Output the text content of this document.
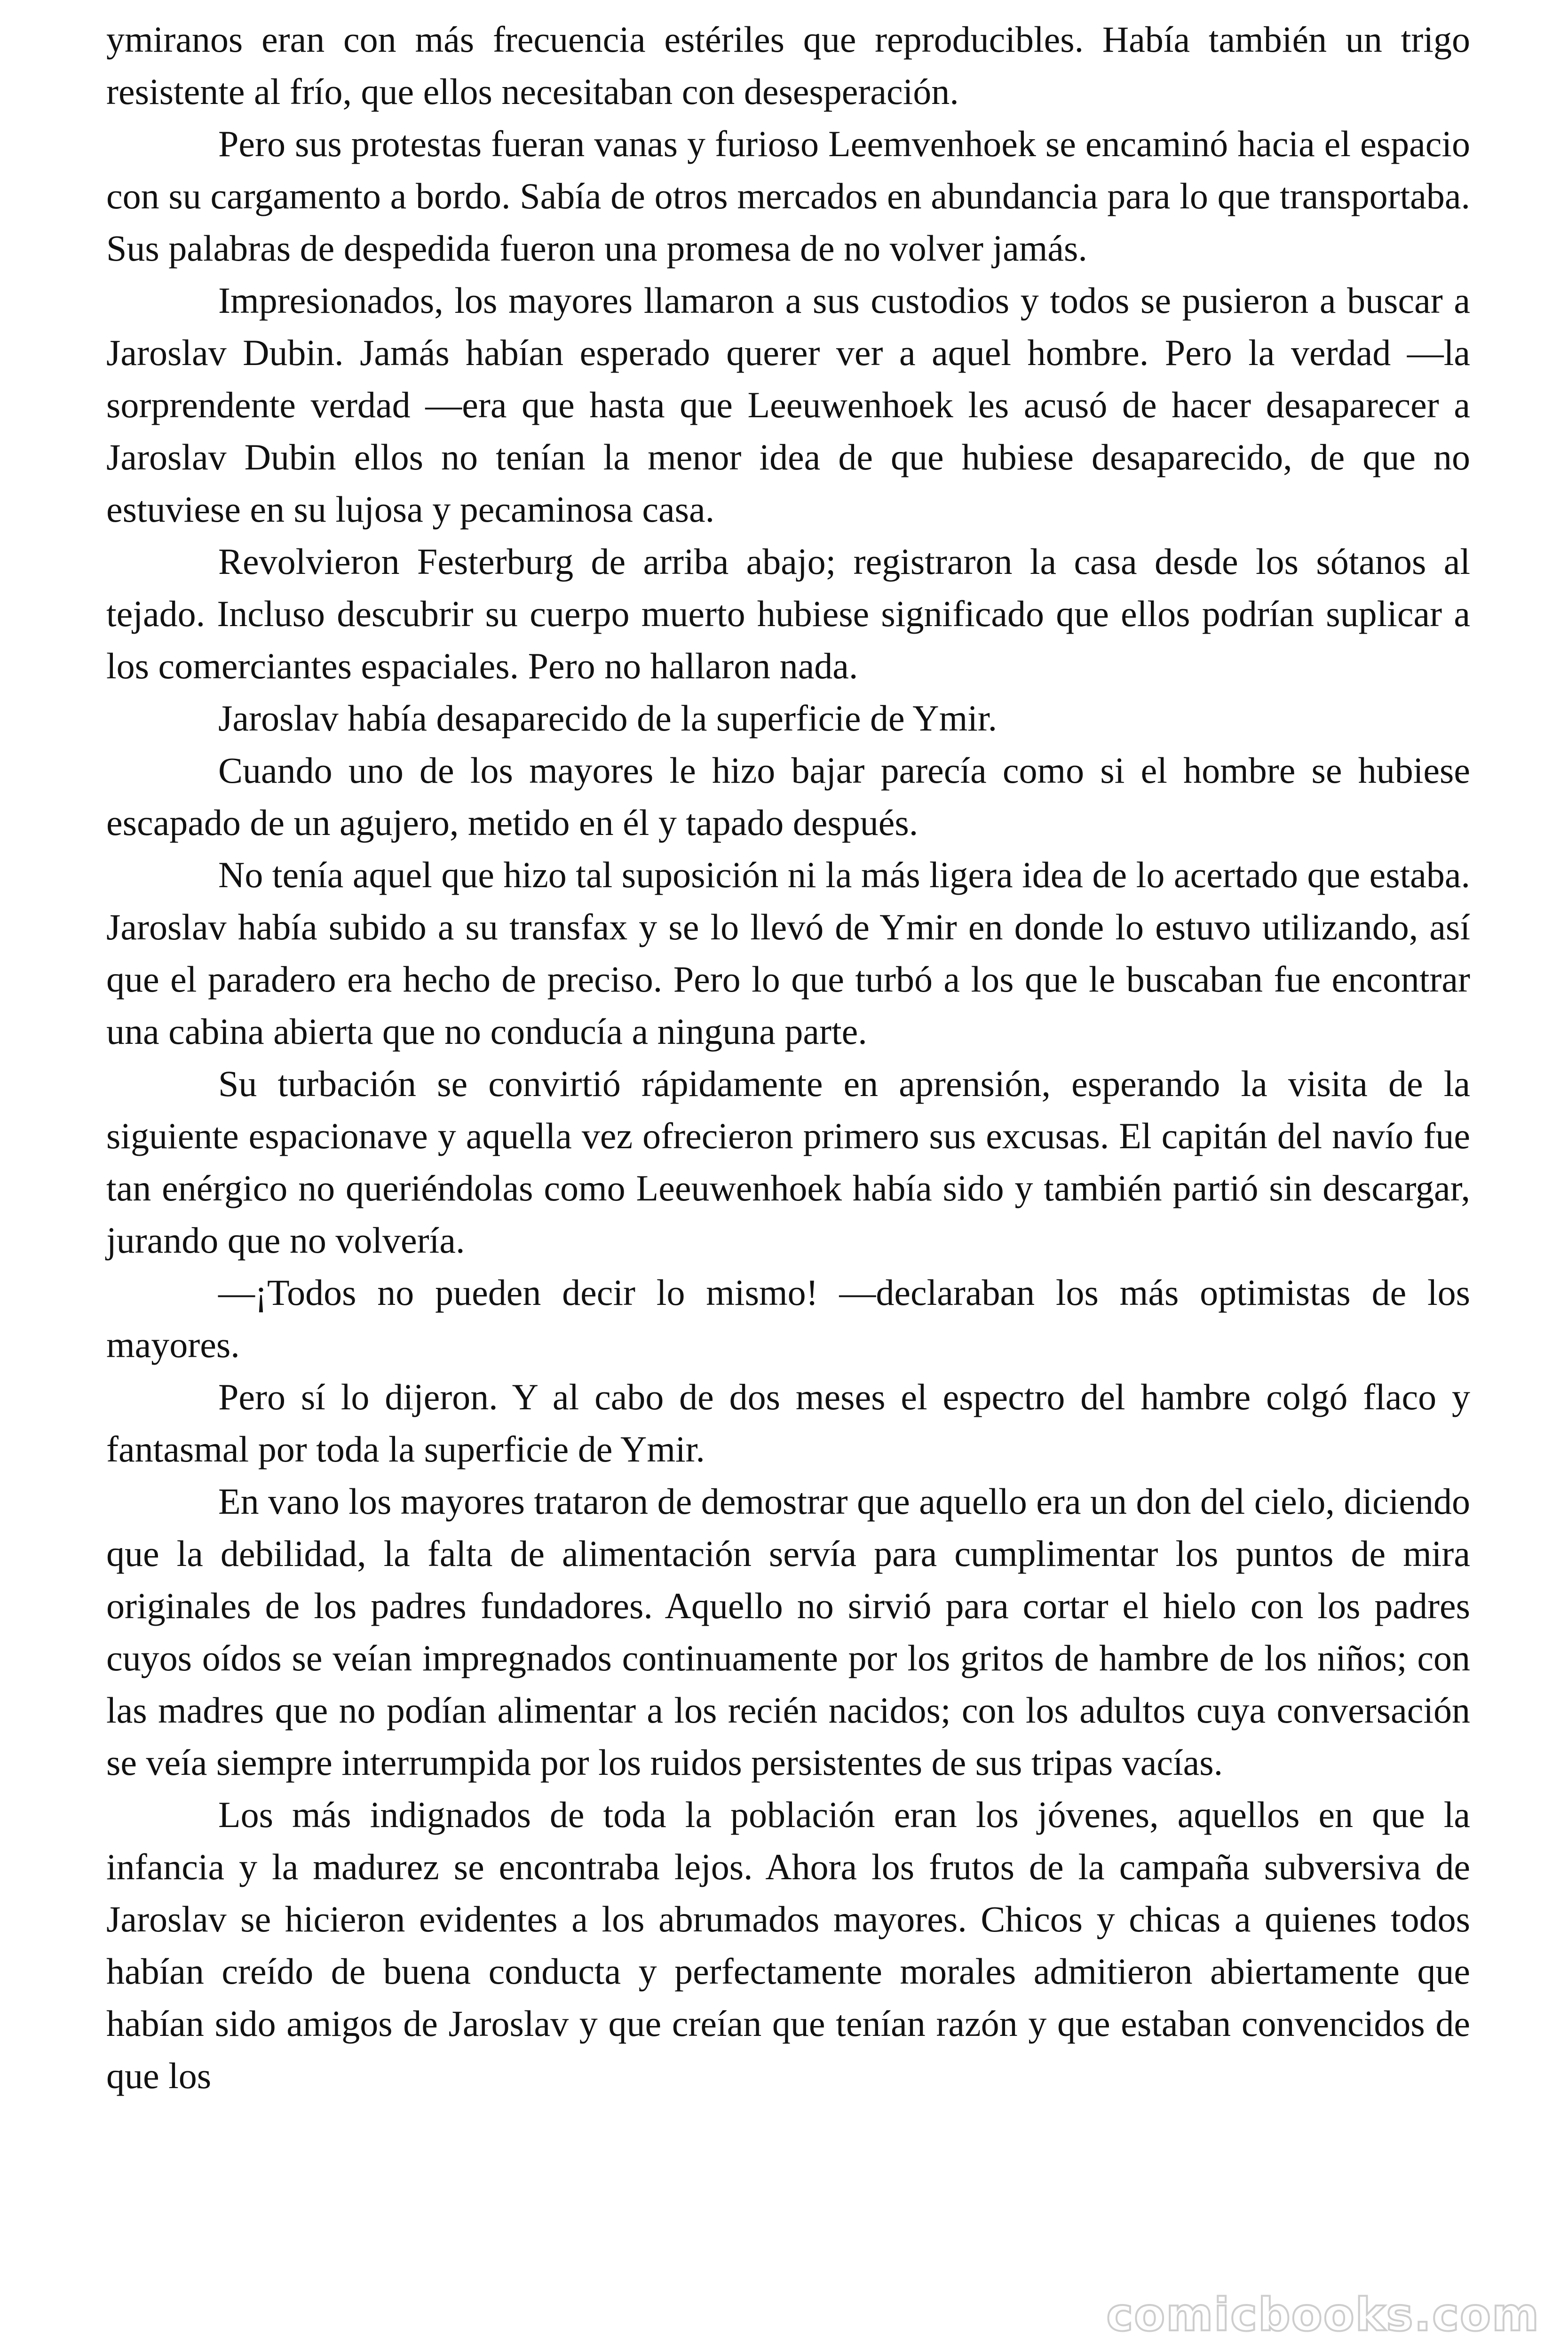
ymiranos eran con más frecuencia estériles que reproducibles. Había también un trigo resistente al frío, que ellos necesitaban con desesperación.

Pero sus protestas fueran vanas y furioso Leemvenhoek se encaminó hacia el espacio con su cargamento a bordo. Sabía de otros mercados en abundancia para lo que transportaba. Sus palabras de despedida fueron una promesa de no volver jamás.

Impresionados, los mayores llamaron a sus custodios y todos se pusieron a buscar a Jaroslav Dubin. Jamás habían esperado querer ver a aquel hombre. Pero la verdad —la sorprendente verdad —era que hasta que Leeuwenhoek les acusó de hacer desaparecer a Jaroslav Dubin ellos no tenían la menor idea de que hubiese desaparecido, de que no estuviese en su lujosa y pecaminosa casa.

Revolvieron Festerburg de arriba abajo; registraron la casa desde los sótanos al tejado. Incluso descubrir su cuerpo muerto hubiese significado que ellos podrían suplicar a los comerciantes espaciales. Pero no hallaron nada.

Jaroslav había desaparecido de la superficie de Ymir.

Cuando uno de los mayores le hizo bajar parecía como si el hombre se hubiese escapado de un agujero, metido en él y tapado después.

No tenía aquel que hizo tal suposición ni la más ligera idea de lo acertado que estaba. Jaroslav había subido a su transfax y se lo llevó de Ymir en donde lo estuvo utilizando, así que el paradero era hecho de preciso. Pero lo que turbó a los que le buscaban fue encontrar una cabina abierta que no conducía a ninguna parte.

Su turbación se convirtió rápidamente en aprensión, esperando la visita de la siguiente espacionave y aquella vez ofrecieron primero sus excusas. El capitán del navío fue tan enérgico no queriéndolas como Leeuwenhoek había sido y también partió sin descargar, jurando que no volvería.

—¡Todos no pueden decir lo mismo! —declaraban los más optimistas de los mayores.

Pero sí lo dijeron. Y al cabo de dos meses el espectro del hambre colgó flaco y fantasmal por toda la superficie de Ymir.

En vano los mayores trataron de demostrar que aquello era un don del cielo, diciendo que la debilidad, la falta de alimentación servía para cumplimentar los puntos de mira originales de los padres fundadores. Aquello no sirvió para cortar el hielo con los padres cuyos oídos se veían impregnados continuamente por los gritos de hambre de los niños; con las madres que no podían alimentar a los recién nacidos; con los adultos cuya conversación se veía siempre interrumpida por los ruidos persistentes de sus tripas vacías.

Los más indignados de toda la población eran los jóvenes, aquellos en que la infancia y la madurez se encontraba lejos. Ahora los frutos de la campaña subversiva de Jaroslav se hicieron evidentes a los abrumados mayores. Chicos y chicas a quienes todos habían creído de buena conducta y perfectamente morales admitieron abiertamente que habían sido amigos de Jaroslav y que creían que tenían razón y que estaban convencidos de que los

comicbooks.com
